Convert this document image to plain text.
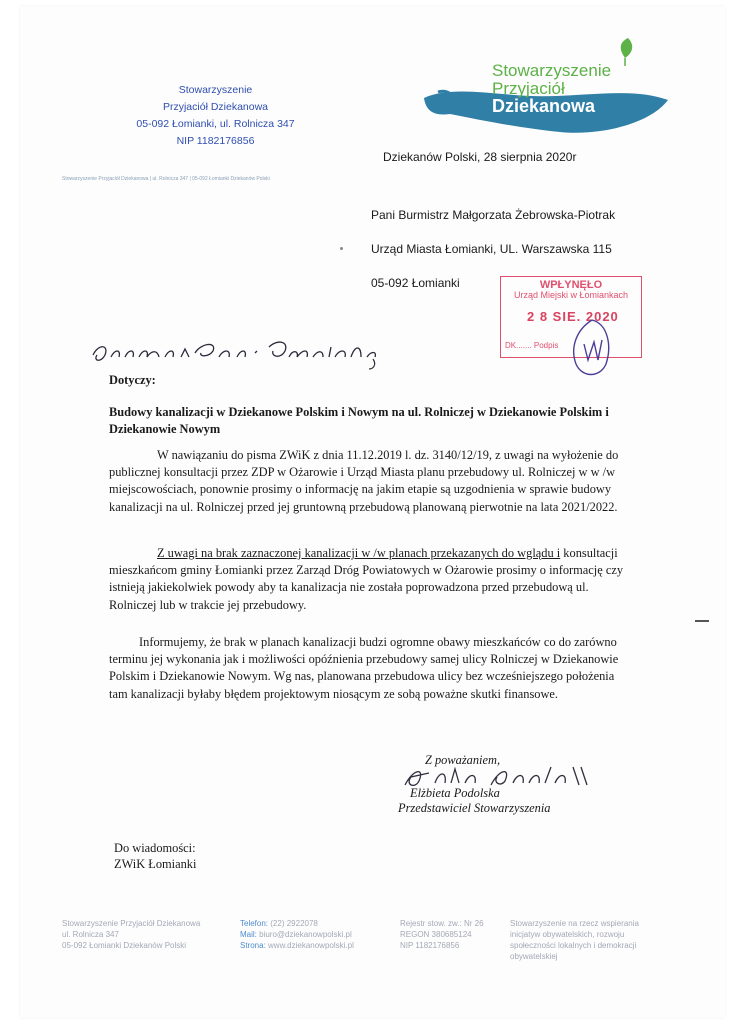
Stowarzyszenie
Przyjaciół Dziekanowa
05-092 Łomianki, ul. Rolnicza 347
NIP 1182176856
Stowarzyszenie Przyjaciół Dziekanowa | ul. Rolnicza 347 | 05-092 Łomianki Dziekanów Polski
Stowarzyszenie
Przyjaciół
Dziekanowa
Dziekanów Polski, 28 sierpnia 2020r
Pani Burmistrz Małgorzata Żebrowska-Piotrak
Urząd Miasta Łomianki, UL. Warszawska 115
05-092 Łomianki	WPŁYNĘŁO
Urząd Miejski w Łomiankach
2 8 SIE. 2020
DK....... Podpis
Dotyczy:
Budowy kanalizacji w Dziekanowe Polskim i Nowym na ul. Rolniczej w Dziekanowie Polskim i Dziekanowie Nowym

W nawiązaniu do pisma ZWiK z dnia 11.12.2019 l. dz. 3140/12/19, z uwagi na wyłożenie do publicznej konsultacji przez ZDP w Ożarowie i Urząd Miasta planu przebudowy ul. Rolniczej w w /w miejscowościach, ponownie prosimy o informację na jakim etapie są uzgodnienia w sprawie budowy kanalizacji na ul. Rolniczej przed jej gruntowną przebudową planowaną pierwotnie na lata 2021/2022.

Z uwagi na brak zaznaczonej kanalizacji w /w planach przekazanych do wglądu i konsultacji mieszkańcom gminy Łomianki przez Zarząd Dróg Powiatowych w Ożarowie prosimy o informację czy istnieją jakiekolwiek powody aby ta kanalizacja nie została poprowadzona przed przebudową ul. Rolniczej lub w trakcie jej przebudowy.

Informujemy, że brak w planach kanalizacji budzi ogromne obawy mieszkańców co do zarówno terminu jej wykonania jak i możliwości opóźnienia przebudowy samej ulicy Rolniczej w Dziekanowie Polskim i Dziekanowie Nowym. Wg nas, planowana przebudowa ulicy bez wcześniejszego położenia tam kanalizacji byłaby błędem projektowym niosącym ze sobą poważne skutki finansowe.

Z poważaniem,
Elżbieta Podolska
Przedstawiciel Stowarzyszenia
Do wiadomości:
ZWiK Łomianki
Stowarzyszenie Przyjaciół Dziekanowa
ul. Rolnicza 347
05-092 Łomianki Dziekanów Polski
Telefon: (22) 2922078
Mail: biuro@dziekanowpolski.pl
Strona: www.dziekanowpolski.pl
Rejestr stow. zw.: Nr 26
REGON 380685124
NIP 1182176856
Stowarzyszenie na rzecz wspierania
inicjatyw obywatelskich, rozwoju
społeczności lokalnych i demokracji
obywatelskiej
